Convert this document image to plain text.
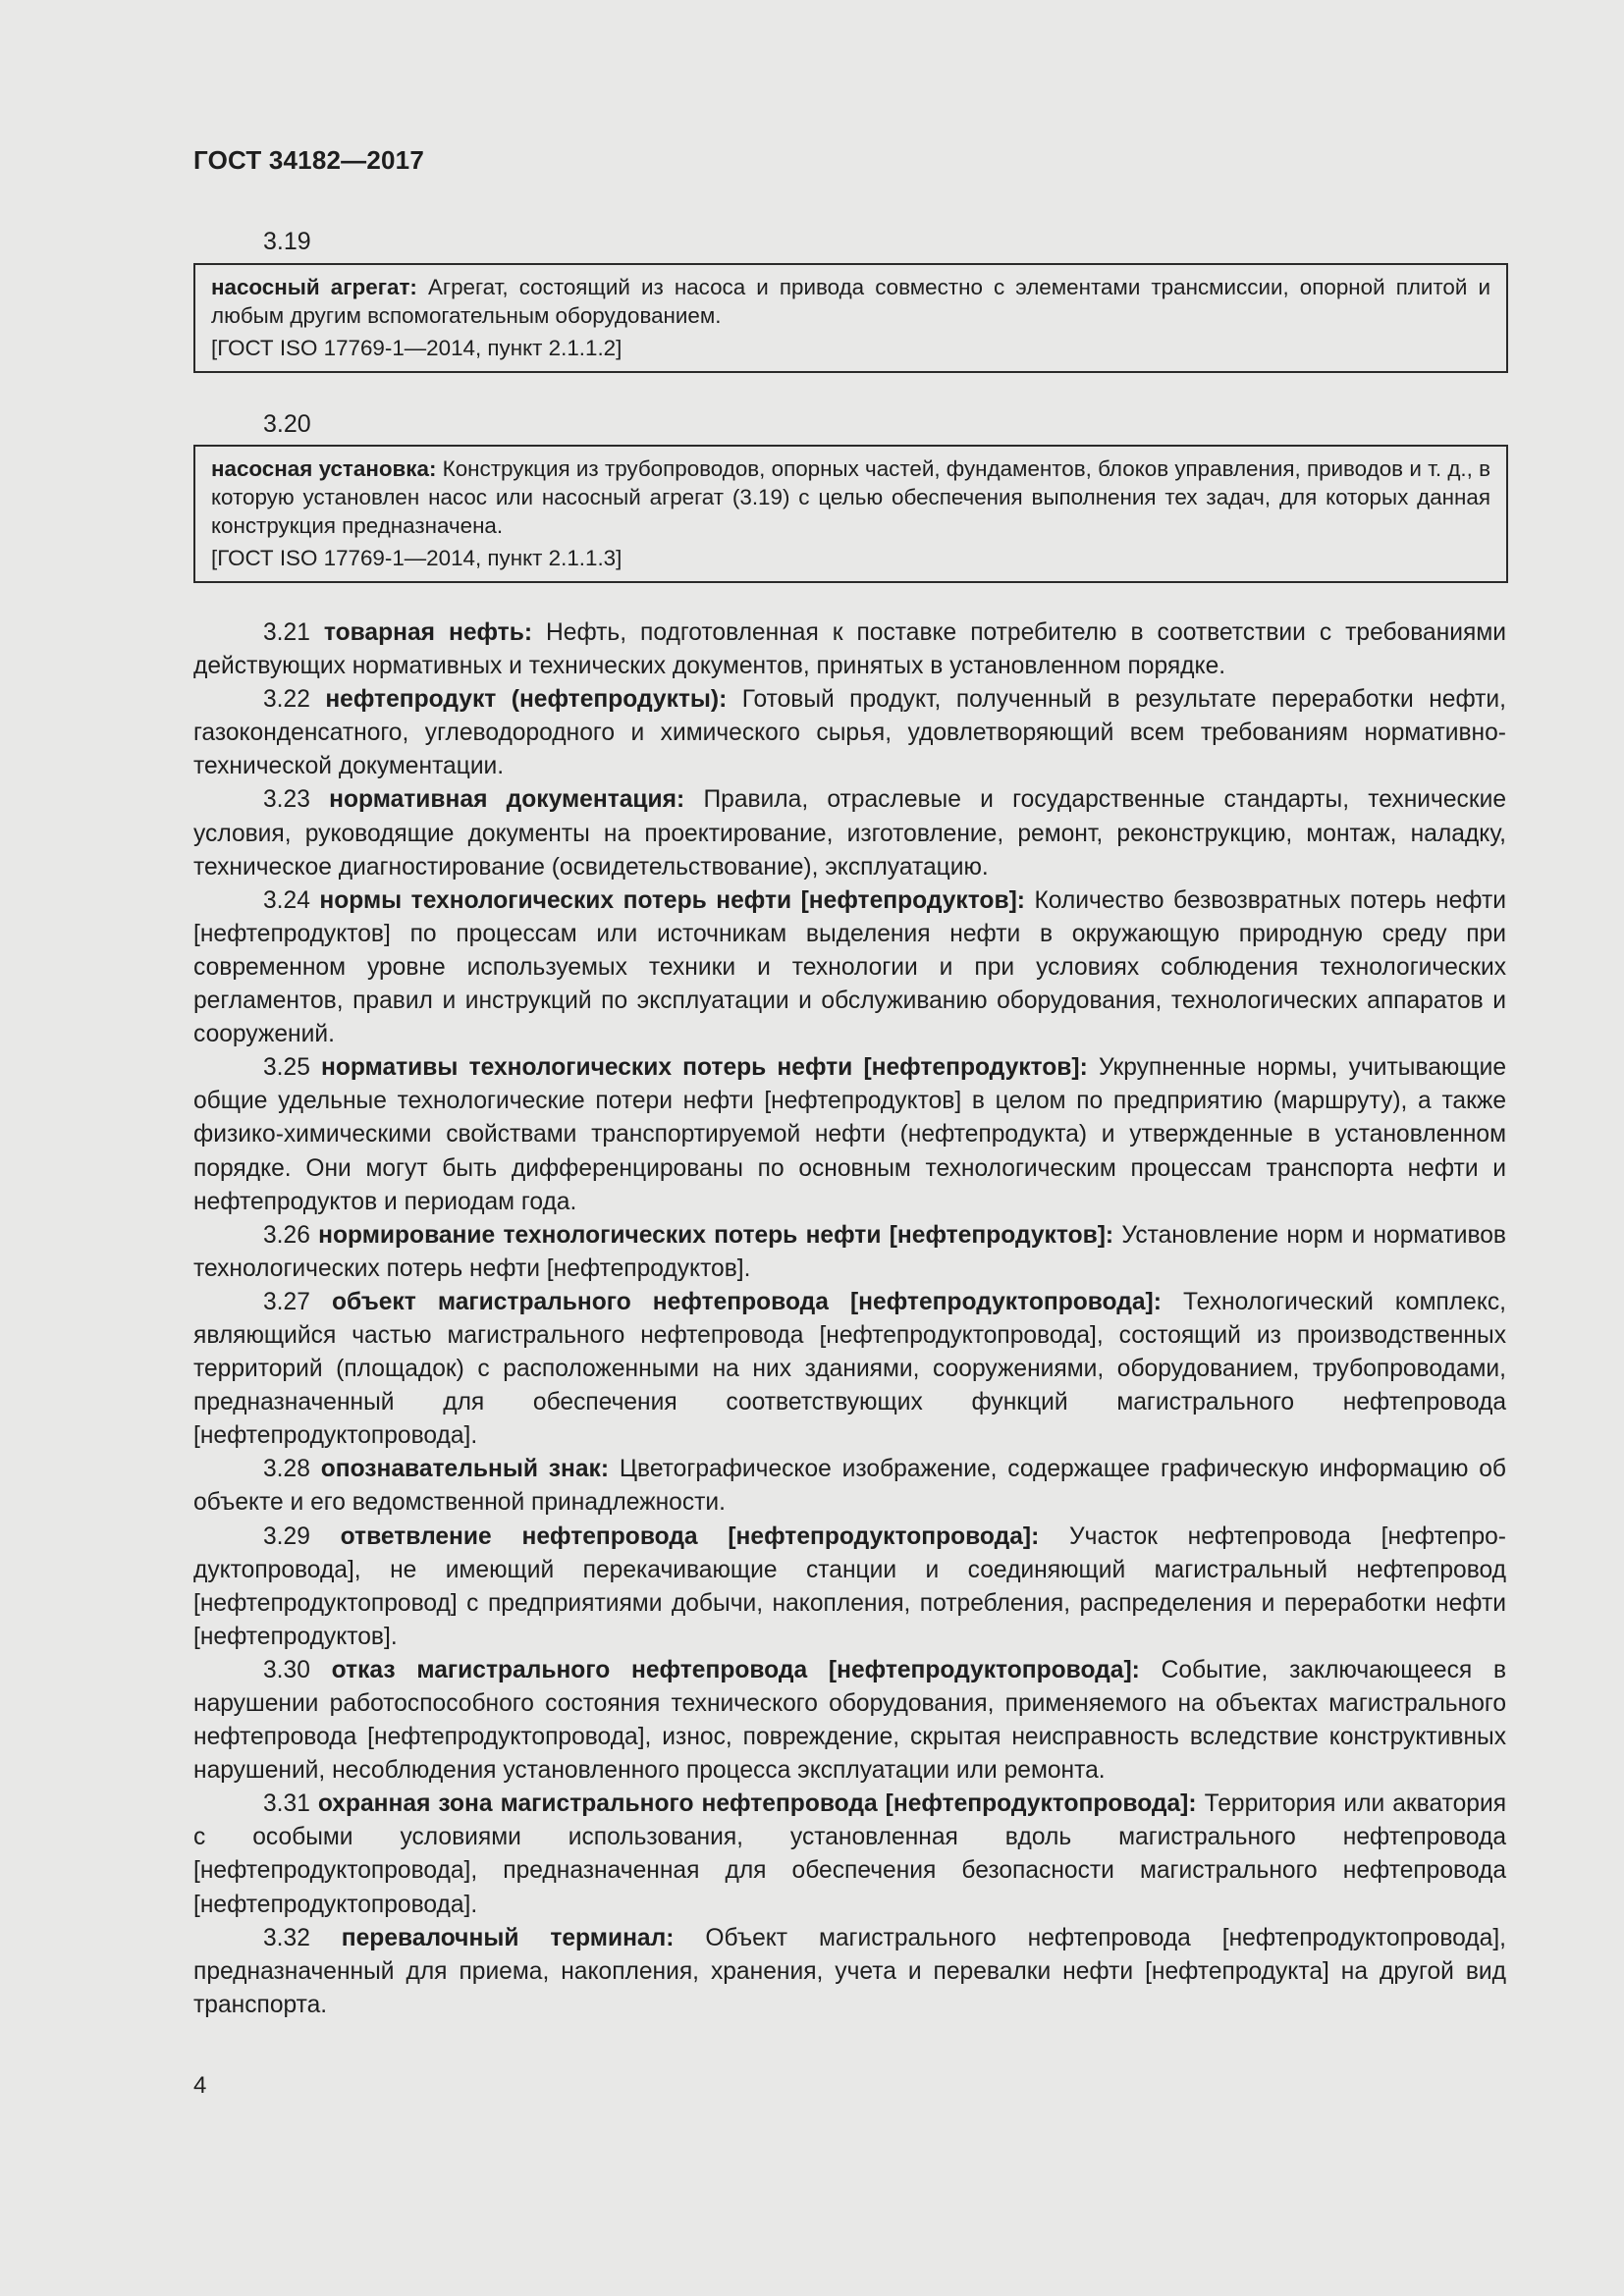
ГОСТ 34182—2017
3.19
насосный агрегат: Агрегат, состоящий из насоса и привода совместно с элементами трансмиссии, опорной плитой и любым другим вспомогательным оборудованием.
[ГОСТ ISO 17769-1—2014, пункт 2.1.1.2]
3.20
насосная установка: Конструкция из трубопроводов, опорных частей, фундаментов, блоков управления, приводов и т. д., в которую установлен насос или насосный агрегат (3.19) с целью обеспечения выполнения тех задач, для которых данная конструкция предназначена.
[ГОСТ ISO 17769-1—2014, пункт 2.1.1.3]

3.21 товарная нефть: Нефть, подготовленная к поставке потребителю в соответствии с требованиями действующих нормативных и технических документов, принятых в установленном порядке.

3.22 нефтепродукт (нефтепродукты): Готовый продукт, полученный в результате переработки нефти, газоконденсатного, углеводородного и химического сырья, удовлетворяющий всем требованиям нормативно-технической документации.

3.23 нормативная документация: Правила, отраслевые и государственные стандарты, технические условия, руководящие документы на проектирование, изготовление, ремонт, реконструкцию, монтаж, наладку, техническое диагностирование (освидетельствование), эксплуатацию.

3.24 нормы технологических потерь нефти [нефтепродуктов]: Количество безвозвратных потерь нефти [нефтепродуктов] по процессам или источникам выделения нефти в окружающую природную среду при современном уровне используемых техники и технологии и при условиях соблюдения технологических регламентов, правил и инструкций по эксплуатации и обслуживанию оборудования, технологических аппаратов и сооружений.

3.25 нормативы технологических потерь нефти [нефтепродуктов]: Укрупненные нормы, учитывающие общие удельные технологические потери нефти [нефтепродуктов] в целом по предприятию (маршруту), а также физико-химическими свойствами транспортируемой нефти (нефтепродукта) и утвержденные в установленном порядке. Они могут быть дифференцированы по основным технологическим процессам транспорта нефти и нефтепродуктов и периодам года.

3.26 нормирование технологических потерь нефти [нефтепродуктов]: Установление норм и нормативов технологических потерь нефти [нефтепродуктов].

3.27 объект магистрального нефтепровода [нефтепродуктопровода]: Технологический комплекс, являющийся частью магистрального нефтепровода [нефтепродуктопровода], состоящий из производственных территорий (площадок) с расположенными на них зданиями, сооружениями, оборудованием, трубопроводами, предназначенный для обеспечения соответствующих функций магистрального нефтепровода [нефтепродуктопровода].

3.28 опознавательный знак: Цветографическое изображение, содержащее графическую информацию об объекте и его ведомственной принадлежности.

3.29 ответвление нефтепровода [нефтепродуктопровода]: Участок нефтепровода [нефтепродуктопровода], не имеющий перекачивающие станции и соединяющий магистральный нефтепровод [нефтепродуктопровод] с предприятиями добычи, накопления, потребления, распределения и переработки нефти [нефтепродуктов].

3.30 отказ магистрального нефтепровода [нефтепродуктопровода]: Событие, заключающееся в нарушении работоспособного состояния технического оборудования, применяемого на объектах магистрального нефтепровода [нефтепродуктопровода], износ, повреждение, скрытая неисправность вследствие конструктивных нарушений, несоблюдения установленного процесса эксплуатации или ремонта.

3.31 охранная зона магистрального нефтепровода [нефтепродуктопровода]: Территория или акватория с особыми условиями использования, установленная вдоль магистрального нефтепровода [нефтепродуктопровода], предназначенная для обеспечения безопасности магистрального нефтепровода [нефтепродуктопровода].

3.32 перевалочный терминал: Объект магистрального нефтепровода [нефтепродуктопровода], предназначенный для приема, накопления, хранения, учета и перевалки нефти [нефтепродукта] на другой вид транспорта.

4
